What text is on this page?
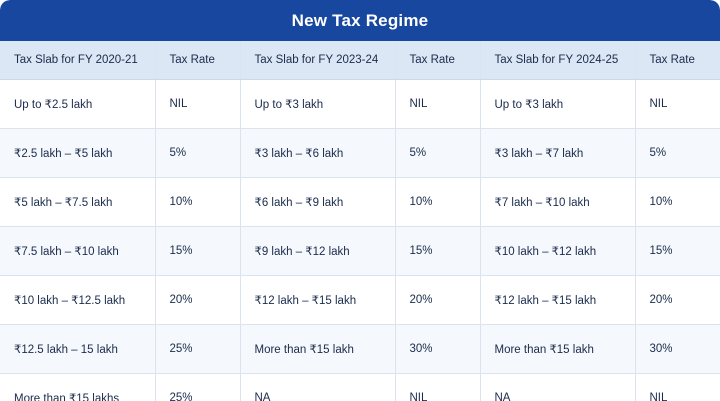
New Tax Regime
Tax Slab for FY 2020-21	Tax Rate	Tax Slab for FY 2023-24	Tax Rate	Tax Slab for FY 2024-25	Tax Rate
Up to ₹2.5 lakh	NIL	Up to ₹3 lakh	NIL	Up to ₹3 lakh	NIL
₹2.5 lakh – ₹5 lakh	5%	₹3 lakh – ₹6 lakh	5%	₹3 lakh – ₹7 lakh	5%
₹5 lakh – ₹7.5 lakh	10%	₹6 lakh – ₹9 lakh	10%	₹7 lakh – ₹10 lakh	10%
₹7.5 lakh – ₹10 lakh	15%	₹9 lakh – ₹12 lakh	15%	₹10 lakh – ₹12 lakh	15%
₹10 lakh – ₹12.5 lakh	20%	₹12 lakh – ₹15 lakh	20%	₹12 lakh – ₹15 lakh	20%
₹12.5 lakh – 15 lakh	25%	More than ₹15 lakh	30%	More than ₹15 lakh	30%
More than ₹15 lakhs	25%	NA	NIL	NA	NIL
